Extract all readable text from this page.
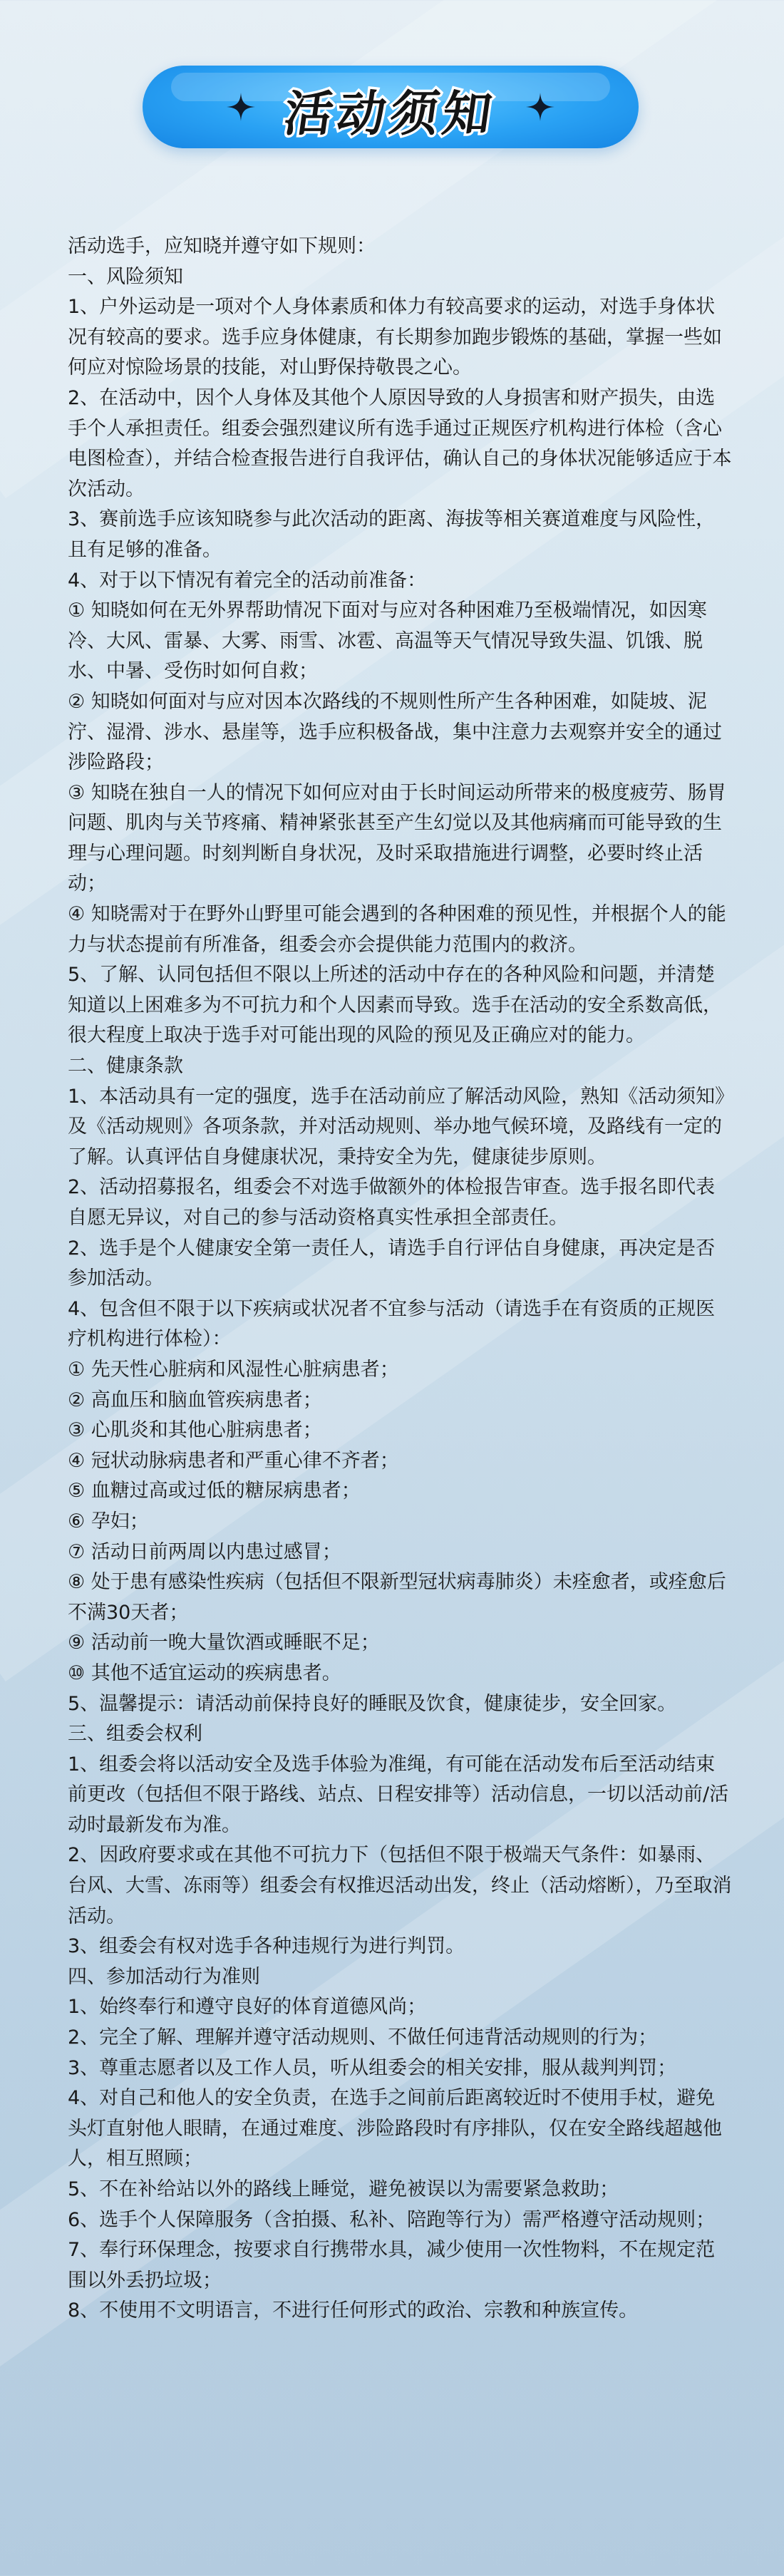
活动须知

活动选手，应知晓并遵守如下规则：

一、风险须知

1、户外运动是一项对个人身体素质和体力有较高要求的运动，对选手身体状况有较高的要求。选手应身体健康，有长期参加跑步锻炼的基础，掌握一些如何应对惊险场景的技能，对山野保持敬畏之心。

2、在活动中，因个人身体及其他个人原因导致的人身损害和财产损失，由选手个人承担责任。组委会强烈建议所有选手通过正规医疗机构进行体检（含心电图检查），并结合检查报告进行自我评估，确认自己的身体状况能够适应于本次活动。

3、赛前选手应该知晓参与此次活动的距离、海拔等相关赛道难度与风险性，且有足够的准备。

4、对于以下情况有着完全的活动前准备：

① 知晓如何在无外界帮助情况下面对与应对各种困难乃至极端情况，如因寒冷、大风、雷暴、大雾、雨雪、冰雹、高温等天气情况导致失温、饥饿、脱水、中暑、受伤时如何自救；

② 知晓如何面对与应对因本次路线的不规则性所产生各种困难，如陡坡、泥泞、湿滑、涉水、悬崖等，选手应积极备战，集中注意力去观察并安全的通过涉险路段；

③ 知晓在独自一人的情况下如何应对由于长时间运动所带来的极度疲劳、肠胃问题、肌肉与关节疼痛、精神紧张甚至产生幻觉以及其他病痛而可能导致的生理与心理问题。时刻判断自身状况，及时采取措施进行调整，必要时终止活动；

④ 知晓需对于在野外山野里可能会遇到的各种困难的预见性，并根据个人的能力与状态提前有所准备，组委会亦会提供能力范围内的救济。

5、了解、认同包括但不限以上所述的活动中存在的各种风险和问题，并清楚知道以上困难多为不可抗力和个人因素而导致。选手在活动的安全系数高低，很大程度上取决于选手对可能出现的风险的预见及正确应对的能力。

二、健康条款

1、本活动具有一定的强度，选手在活动前应了解活动风险，熟知《活动须知》及《活动规则》各项条款，并对活动规则、举办地气候环境，及路线有一定的了解。认真评估自身健康状况，秉持安全为先，健康徒步原则。

2、活动招募报名，组委会不对选手做额外的体检报告审查。选手报名即代表自愿无异议，对自己的参与活动资格真实性承担全部责任。

2、选手是个人健康安全第一责任人，请选手自行评估自身健康，再决定是否参加活动。

4、包含但不限于以下疾病或状况者不宜参与活动（请选手在有资质的正规医疗机构进行体检）：

① 先天性心脏病和风湿性心脏病患者；

② 高血压和脑血管疾病患者；

③ 心肌炎和其他心脏病患者；

④ 冠状动脉病患者和严重心律不齐者；

⑤ 血糖过高或过低的糖尿病患者；

⑥ 孕妇；

⑦ 活动日前两周以内患过感冒；

⑧ 处于患有感染性疾病（包括但不限新型冠状病毒肺炎）未痊愈者，或痊愈后不满30天者；

⑨ 活动前一晚大量饮酒或睡眠不足；

⑩ 其他不适宜运动的疾病患者。

5、温馨提示：请活动前保持良好的睡眠及饮食，健康徒步，安全回家。

三、组委会权利

1、组委会将以活动安全及选手体验为准绳，有可能在活动发布后至活动结束前更改（包括但不限于路线、站点、日程安排等）活动信息，一切以活动前/活动时最新发布为准。

2、因政府要求或在其他不可抗力下（包括但不限于极端天气条件：如暴雨、台风、大雪、冻雨等）组委会有权推迟活动出发，终止（活动熔断），乃至取消活动。

3、组委会有权对选手各种违规行为进行判罚。

四、参加活动行为准则

1、始终奉行和遵守良好的体育道德风尚；

2、完全了解、理解并遵守活动规则、不做任何违背活动规则的行为；

3、尊重志愿者以及工作人员，听从组委会的相关安排，服从裁判判罚；

4、对自己和他人的安全负责，在选手之间前后距离较近时不使用手杖，避免头灯直射他人眼睛，在通过难度、涉险路段时有序排队，仅在安全路线超越他人，相互照顾；

5、不在补给站以外的路线上睡觉，避免被误以为需要紧急救助；

6、选手个人保障服务（含拍摄、私补、陪跑等行为）需严格遵守活动规则；

7、奉行环保理念，按要求自行携带水具，减少使用一次性物料，不在规定范围以外丢扔垃圾；

8、不使用不文明语言，不进行任何形式的政治、宗教和种族宣传。
